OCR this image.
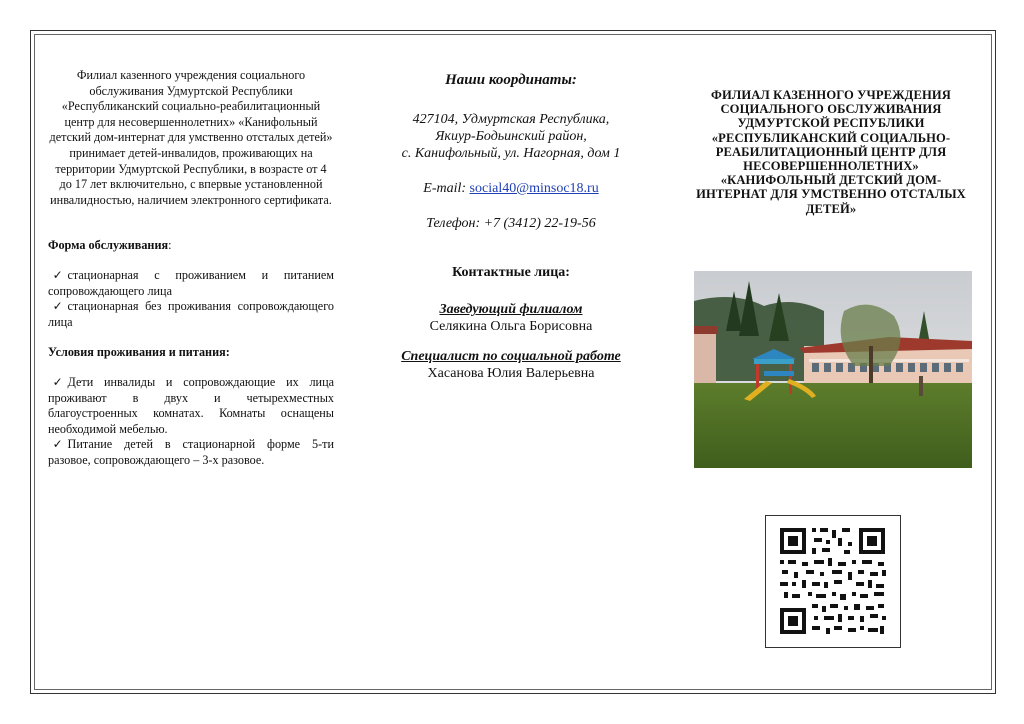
Филиал казенного учреждения социального обслуживания Удмуртской Республики «Республиканский социально-реабилитационный центр для несовершеннолетних» «Канифольный детский дом-интернат для умственно отсталых детей» принимает детей-инвалидов, проживающих на территории Удмуртской Республики, в возрасте от 4 до 17 лет включительно, с впервые установленной инвалидностью, наличием электронного сертификата.

Форма обслуживания:

✓ стационарная с проживанием и питанием сопровождающего лица

✓ стационарная без проживания сопровождающего лица

Условия проживания и питания:

✓ Дети инвалиды и сопровождающие их лица проживают в двух и четырехместных благоустроенных комнатах. Комнаты оснащены необходимой мебелью.

✓ Питание детей в стационарной форме 5-ти разовое, сопровождающего – 3-х разовое.

Наши координаты:

427104, Удмуртская Республика,

Якиур-Бодьинский район,

с. Канифольный, ул. Нагорная, дом 1

E-mail: social40@minsoc18.ru

Телефон: +7 (3412) 22-19-56

Контактные лица:

Заведующий филиалом

Селякина Ольга Борисовна

Специалист по социальной работе

Хасанова Юлия Валерьевна

ФИЛИАЛ КАЗЕННОГО УЧРЕЖДЕНИЯ СОЦИАЛЬНОГО ОБСЛУЖИВАНИЯ УДМУРТСКОЙ РЕСПУБЛИКИ «РЕСПУБЛИКАНСКИЙ СОЦИАЛЬНО-РЕАБИЛИТАЦИОННЫЙ ЦЕНТР ДЛЯ НЕСОВЕРШЕННОЛЕТНИХ» «КАНИФОЛЬНЫЙ ДЕТСКИЙ ДОМ-ИНТЕРНАТ ДЛЯ УМСТВЕННО ОТСТАЛЫХ ДЕТЕЙ»
